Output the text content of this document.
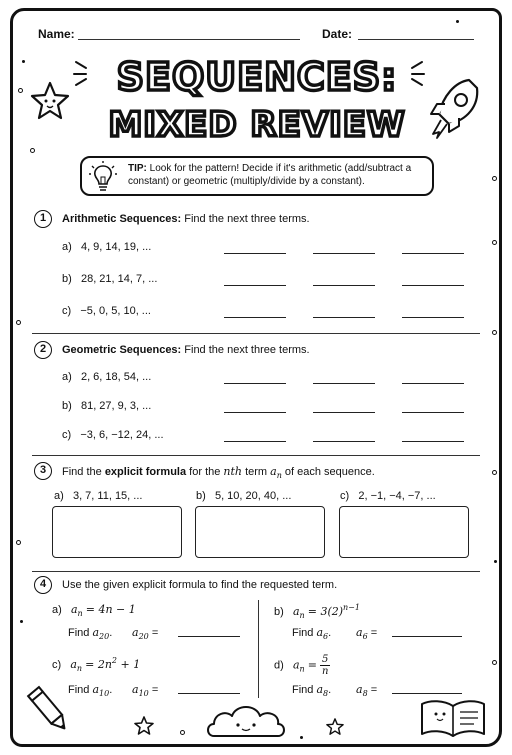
Name:	Date:
SEQUENCES:
MIXED REVIEW
TIP: Look for the pattern! Decide if it's arithmetic (add/subtract a constant) or geometric (multiply/divide by a constant).
1	Arithmetic Sequences: Find the next three terms.
a) 4, 9, 14, 19, ...
b) 28, 21, 14, 7, ...
c) −5, 0, 5, 10, ...
2	Geometric Sequences: Find the next three terms.
a) 2, 6, 18, 54, ...
b) 81, 27, 9, 3, ...
c) −3, 6, −12, 24, ...
3	Find the explicit formula for the nth term $a_n$ of each sequence.
a) 3, 7, 11, 15, ...	b) 5, 10, 20, 40, ...	c) 2, −1, −4, −7, ...
4	Use the given explicit formula to find the requested term.
a) $a_n = 4n - 1$
Find $a_{20}$. $a_{20}$ =
b) $a_n = 3(2)^{n-1}$
Find $a_6$. $a_6$ =
c) $a_n = 2n^2 + 1$
Find $a_{10}$. $a_{10}$ =
d) $a_n = \frac{5}{n}$
Find $a_8$. $a_8$ =
